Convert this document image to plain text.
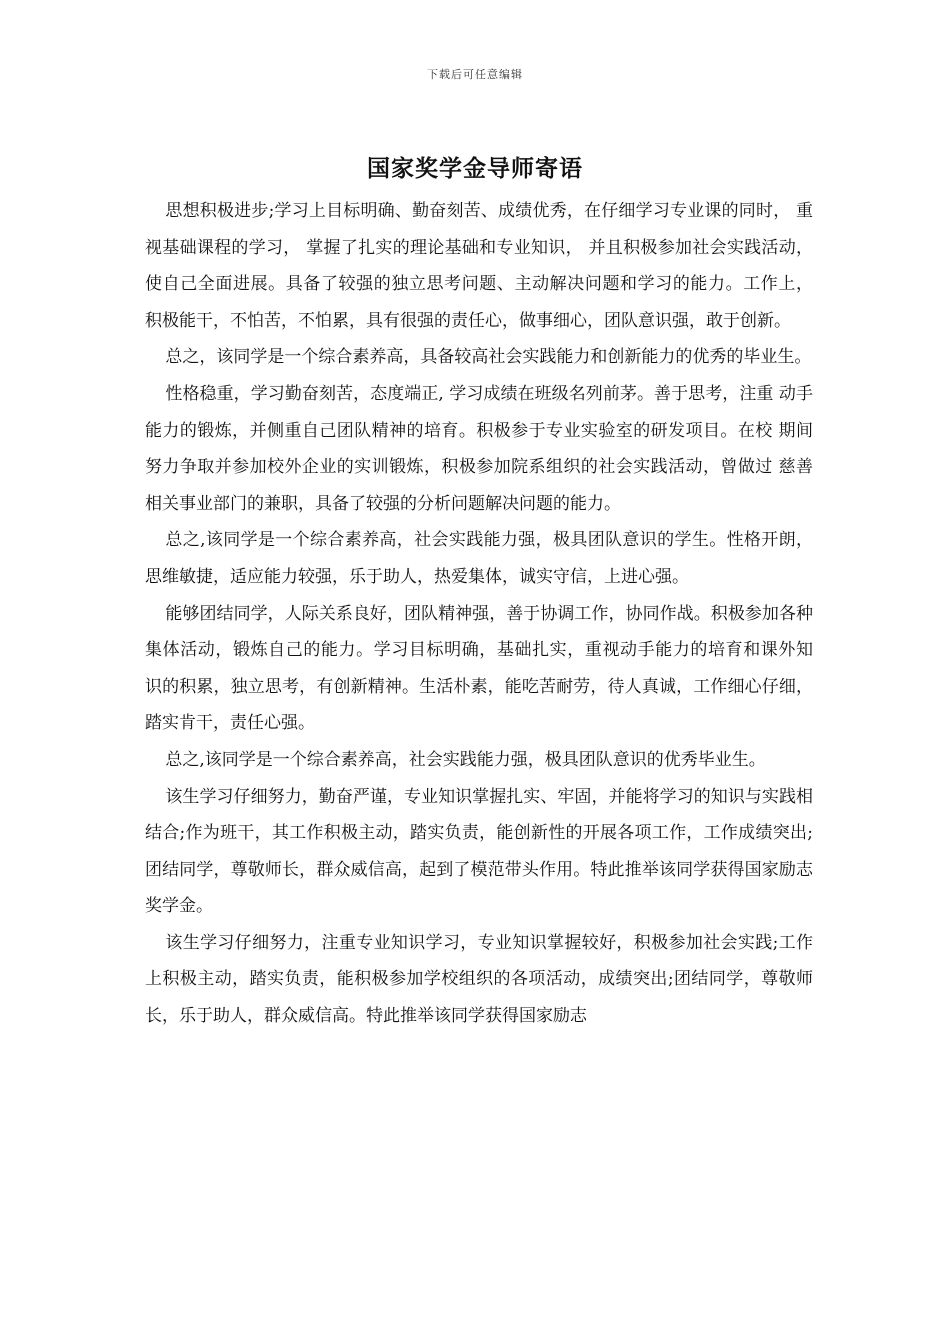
下载后可任意编辑
国家奖学金导师寄语

思想积极进步;学习上目标明确、勤奋刻苦、成绩优秀，在仔细学习专业课的同时， 重视基础课程的学习， 掌握了扎实的理论基础和专业知识， 并且积极参加社会实践活动， 使自己全面进展。具备了较强的独立思考问题、主动解决问题和学习的能力。工作上， 积极能干，不怕苦，不怕累，具有很强的责任心，做事细心，团队意识强，敢于创新。

总之，该同学是一个综合素养高，具备较高社会实践能力和创新能力的优秀的毕业生。

性格稳重，学习勤奋刻苦，态度端正, 学习成绩在班级名列前茅。善于思考，注重 动手能力的锻炼，并侧重自己团队精神的培育。积极参于专业实验室的研发项目。在校 期间努力争取并参加校外企业的实训锻炼，积极参加院系组织的社会实践活动，曾做过 慈善相关事业部门的兼职，具备了较强的分析问题解决问题的能力。

总之,该同学是一个综合素养高，社会实践能力强，极具团队意识的学生。性格开朗，思维敏捷，适应能力较强，乐于助人，热爱集体，诚实守信，上进心强。

能够团结同学，人际关系良好，团队精神强，善于协调工作，协同作战。积极参加各种 集体活动，锻炼自己的能力。学习目标明确，基础扎实，重视动手能力的培育和课外知 识的积累，独立思考，有创新精神。生活朴素，能吃苦耐劳，待人真诚，工作细心仔细， 踏实肯干，责任心强。

总之,该同学是一个综合素养高，社会实践能力强，极具团队意识的优秀毕业生。

该生学习仔细努力，勤奋严谨，专业知识掌握扎实、牢固，并能将学习的知识与实践相结合;作为班干，其工作积极主动，踏实负责，能创新性的开展各项工作，工作成绩突出;团结同学，尊敬师长，群众威信高，起到了模范带头作用。特此推举该同学获得国家励志奖学金。

该生学习仔细努力，注重专业知识学习，专业知识掌握较好，积极参加社会实践;工作上积极主动，踏实负责，能积极参加学校组织的各项活动，成绩突出;团结同学，尊敬师长，乐于助人，群众威信高。特此推举该同学获得国家励志
